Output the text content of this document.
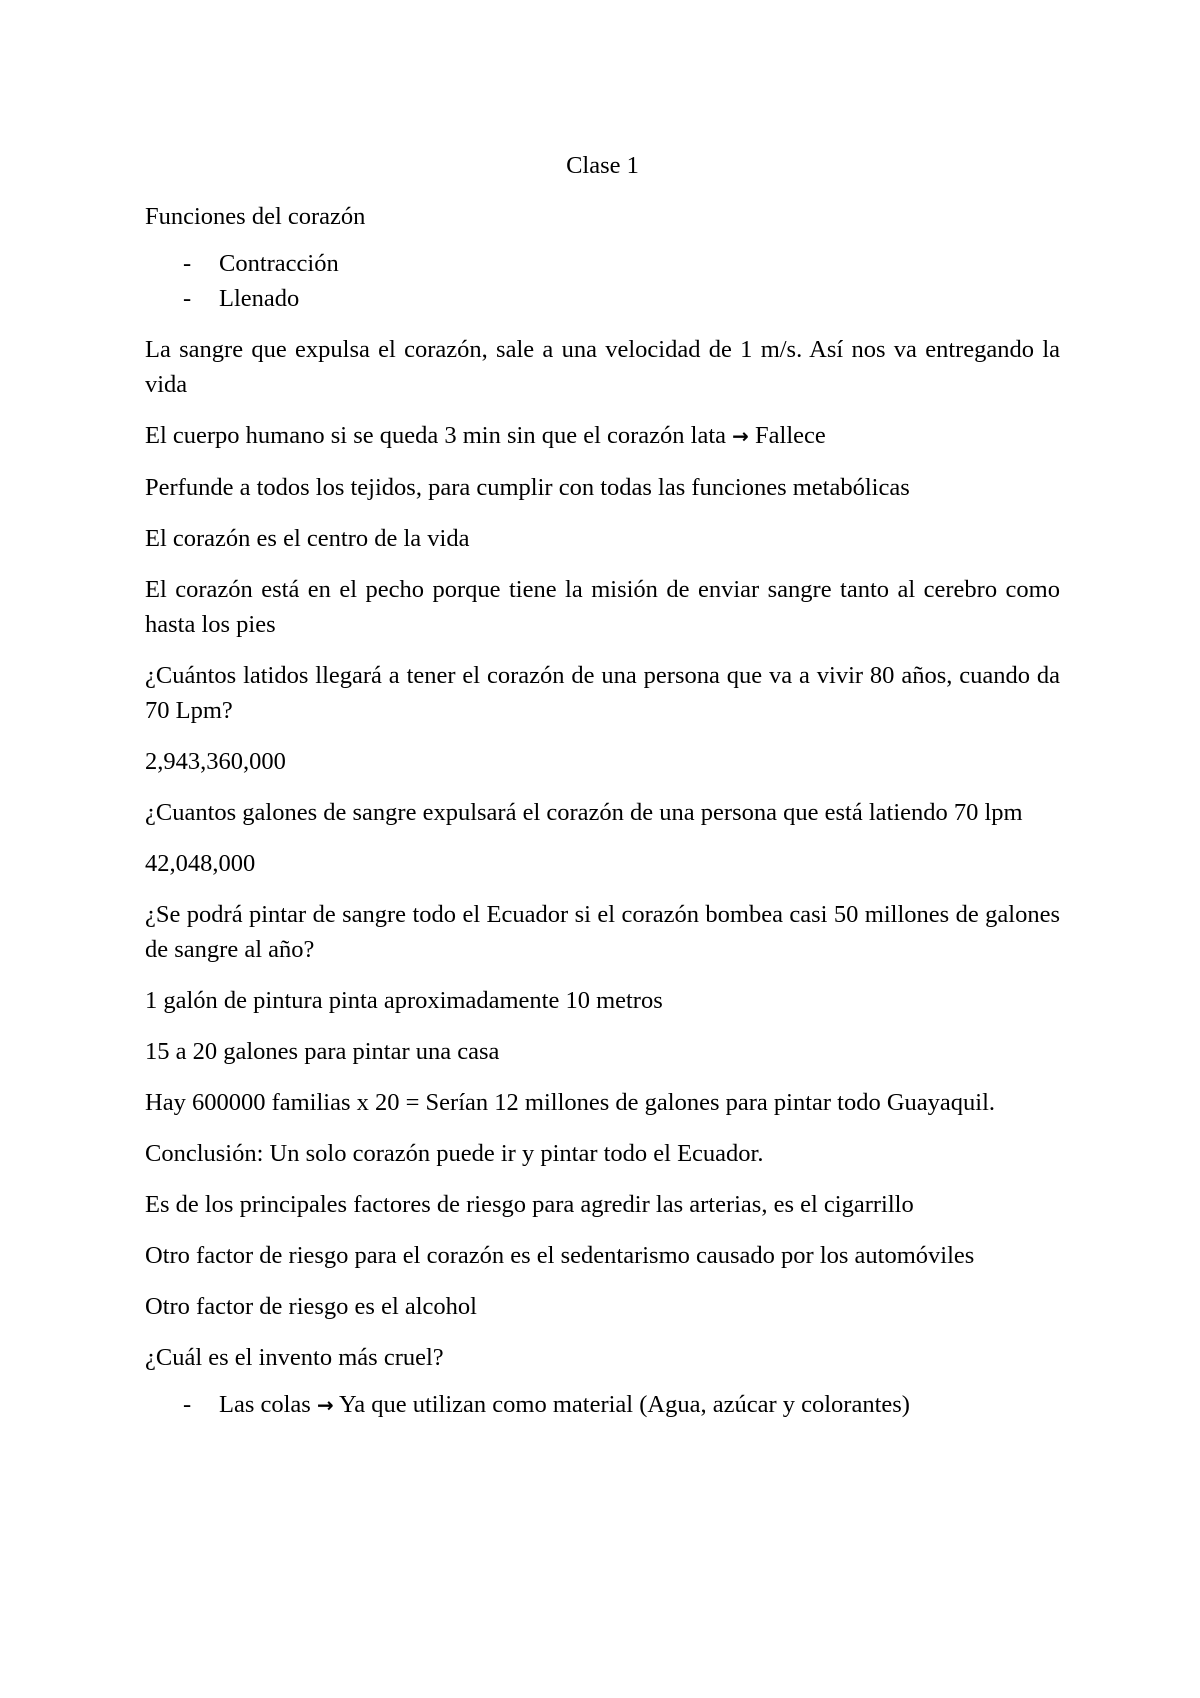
Clase 1

Funciones del corazón

- Contracción
- Llenado

La sangre que expulsa el corazón, sale a una velocidad de 1 m/s. Así nos va entregando la vida

El cuerpo humano si se queda 3 min sin que el corazón lata → Fallece

Perfunde a todos los tejidos, para cumplir con todas las funciones metabólicas

El corazón es el centro de la vida

El corazón está en el pecho porque tiene la misión de enviar sangre tanto al cerebro como hasta los pies

¿Cuántos latidos llegará a tener el corazón de una persona que va a vivir 80 años, cuando da 70 Lpm?

2,943,360,000

¿Cuantos galones de sangre expulsará el corazón de una persona que está latiendo 70 lpm

42,048,000

¿Se podrá pintar de sangre todo el Ecuador si el corazón bombea casi 50 millones de galones de sangre al año?

1 galón de pintura pinta aproximadamente 10 metros

15 a 20 galones para pintar una casa

Hay 600000 familias x 20 = Serían 12 millones de galones para pintar todo Guayaquil.

Conclusión: Un solo corazón puede ir y pintar todo el Ecuador.

Es de los principales factores de riesgo para agredir las arterias, es el cigarrillo

Otro factor de riesgo para el corazón es el sedentarismo causado por los automóviles

Otro factor de riesgo es el alcohol

¿Cuál es el invento más cruel?

- Las colas → Ya que utilizan como material (Agua, azúcar y colorantes)
